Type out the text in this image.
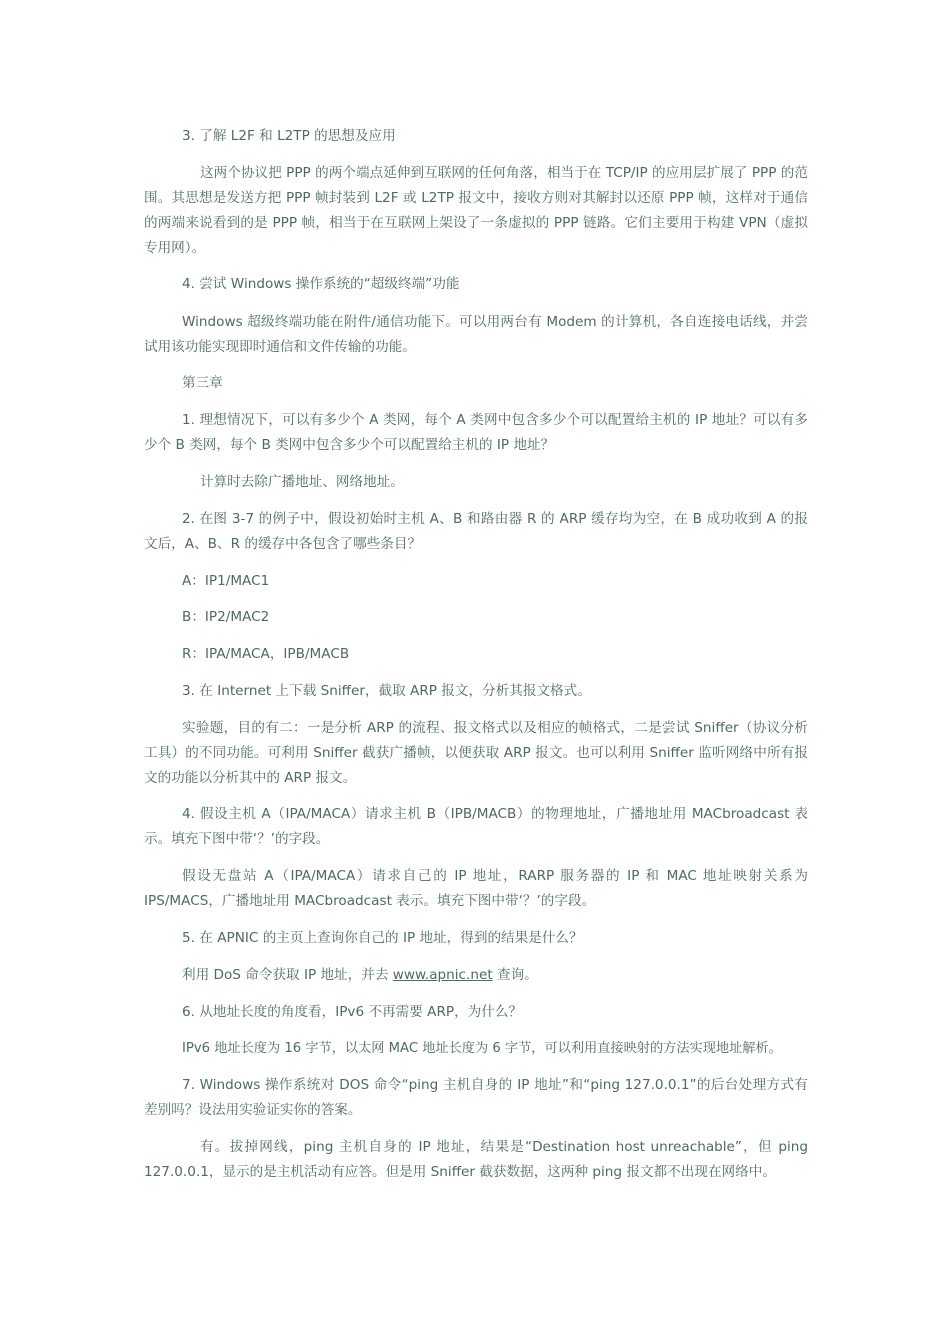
3. 了解 L2F 和 L2TP 的思想及应用

这两个协议把 PPP 的两个端点延伸到互联网的任何角落，相当于在 TCP/IP 的应用层扩展了 PPP 的范围。其思想是发送方把 PPP 帧封装到 L2F 或 L2TP 报文中，接收方则对其解封以还原 PPP 帧，这样对于通信的两端来说看到的是 PPP 帧，相当于在互联网上架设了一条虚拟的 PPP 链路。它们主要用于构建 VPN（虚拟专用网）。

4. 尝试 Windows 操作系统的“超级终端”功能

Windows 超级终端功能在附件/通信功能下。可以用两台有 Modem 的计算机，各自连接电话线，并尝试用该功能实现即时通信和文件传输的功能。

第三章

1. 理想情况下，可以有多少个 A 类网，每个 A 类网中包含多少个可以配置给主机的 IP 地址？可以有多少个 B 类网，每个 B 类网中包含多少个可以配置给主机的 IP 地址？

计算时去除广播地址、网络地址。

2. 在图 3-7 的例子中，假设初始时主机 A、B 和路由器 R 的 ARP 缓存均为空，在 B 成功收到 A 的报文后，A、B、R 的缓存中各包含了哪些条目？

A：IP1/MAC1

B：IP2/MAC2

R：IPA/MACA，IPB/MACB

3. 在 Internet 上下载 Sniffer，截取 ARP 报文，分析其报文格式。

实验题，目的有二：一是分析 ARP 的流程、报文格式以及相应的帧格式，二是尝试 Sniffer（协议分析工具）的不同功能。可利用 Sniffer 截获广播帧，以便获取 ARP 报文。也可以利用 Sniffer 监听网络中所有报文的功能以分析其中的 ARP 报文。

4. 假设主机 A（IPA/MACA）请求主机 B（IPB/MACB）的物理地址，广播地址用 MACbroadcast 表示。填充下图中带‘？’的字段。

假设无盘站 A（IPA/MACA）请求自己的 IP 地址，RARP 服务器的 IP 和 MAC 地址映射关系为 IPS/MACS，广播地址用 MACbroadcast 表示。填充下图中带‘？’的字段。

5. 在 APNIC 的主页上查询你自己的 IP 地址，得到的结果是什么？

利用 DoS 命令获取 IP 地址，并去 www.apnic.net 查询。

6. 从地址长度的角度看，IPv6 不再需要 ARP，为什么？

IPv6 地址长度为 16 字节，以太网 MAC 地址长度为 6 字节，可以利用直接映射的方法实现地址解析。

7. Windows 操作系统对 DOS 命令“ping 主机自身的 IP 地址”和“ping 127.0.0.1”的后台处理方式有差别吗？设法用实验证实你的答案。

有。拔掉网线，ping 主机自身的 IP 地址，结果是“Destination host unreachable”，但 ping 127.0.0.1，显示的是主机活动有应答。但是用 Sniffer 截获数据，这两种 ping 报文都不出现在网络中。
